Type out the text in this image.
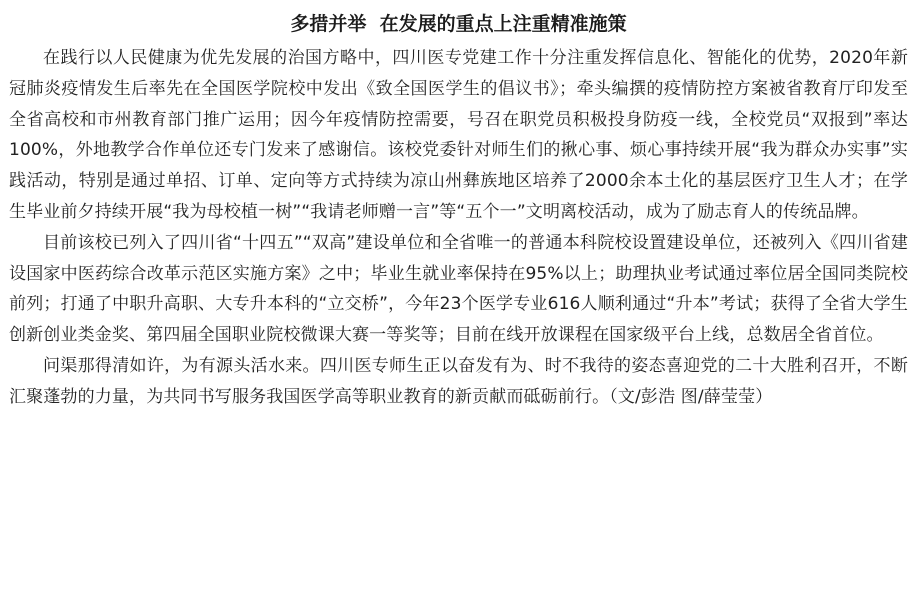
多措并举  在发展的重点上注重精准施策

在践行以人民健康为优先发展的治国方略中，四川医专党建工作十分注重发挥信息化、智能化的优势，2020年新冠肺炎疫情发生后率先在全国医学院校中发出《致全国医学生的倡议书》；牵头编撰的疫情防控方案被省教育厅印发至全省高校和市州教育部门推广运用；因今年疫情防控需要，号召在职党员积极投身防疫一线，全校党员“双报到”率达100%，外地教学合作单位还专门发来了感谢信。该校党委针对师生们的揪心事、烦心事持续开展“我为群众办实事”实践活动，特别是通过单招、订单、定向等方式持续为凉山州彝族地区培养了2000余本土化的基层医疗卫生人才；在学生毕业前夕持续开展“我为母校植一树”“我请老师赠一言”等“五个一”文明离校活动，成为了励志育人的传统品牌。

目前该校已列入了四川省“十四五”“双高”建设单位和全省唯一的普通本科院校设置建设单位，还被列入《四川省建设国家中医药综合改革示范区实施方案》之中；毕业生就业率保持在95%以上；助理执业考试通过率位居全国同类院校前列；打通了中职升高职、大专升本科的“立交桥”，今年23个医学专业616人顺利通过“升本”考试；获得了全省大学生创新创业类金奖、第四届全国职业院校微课大赛一等奖等；目前在线开放课程在国家级平台上线，总数居全省首位。

问渠那得清如许，为有源头活水来。四川医专师生正以奋发有为、时不我待的姿态喜迎党的二十大胜利召开，不断汇聚蓬勃的力量，为共同书写服务我国医学高等职业教育的新贡献而砥砺前行。（文/彭浩 图/薛莹莹）
